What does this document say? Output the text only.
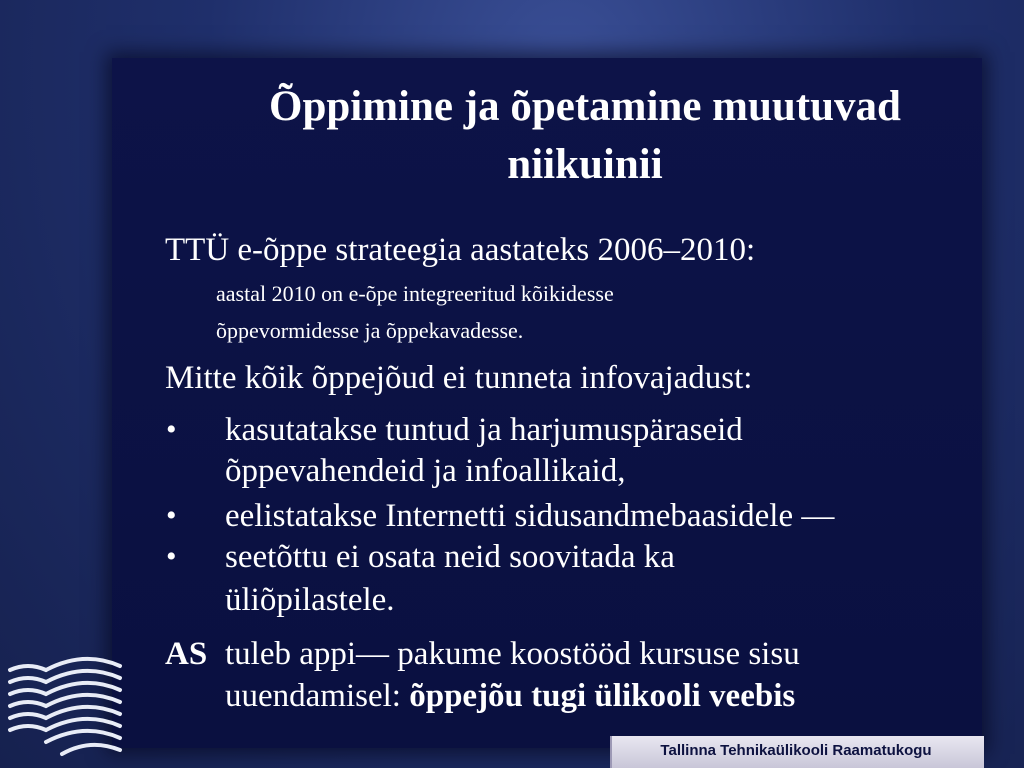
Õppimine ja õpetamine muutuvad
niikuinii
TTÜ e-õppe strateegia aastateks 2006–2010:
aastal 2010 on e-õpe integreeritud kõikidesse
õppevormidesse ja õppekavadesse.
Mitte kõik õppejõud ei tunneta infovajadust:
• kasutatakse tuntud ja harjumuspäraseid
õppevahendeid ja infoallikaid,
• eelistatakse Internetti sidusandmebaasidele —
• seetõttu ei osata neid soovitada ka
üliõpilastele.
AS tuleb appi— pakume koostööd kursuse sisu
uuendamisel: õppejõu tugi ülikooli veebis
Tallinna Tehnikaülikooli Raamatukogu
